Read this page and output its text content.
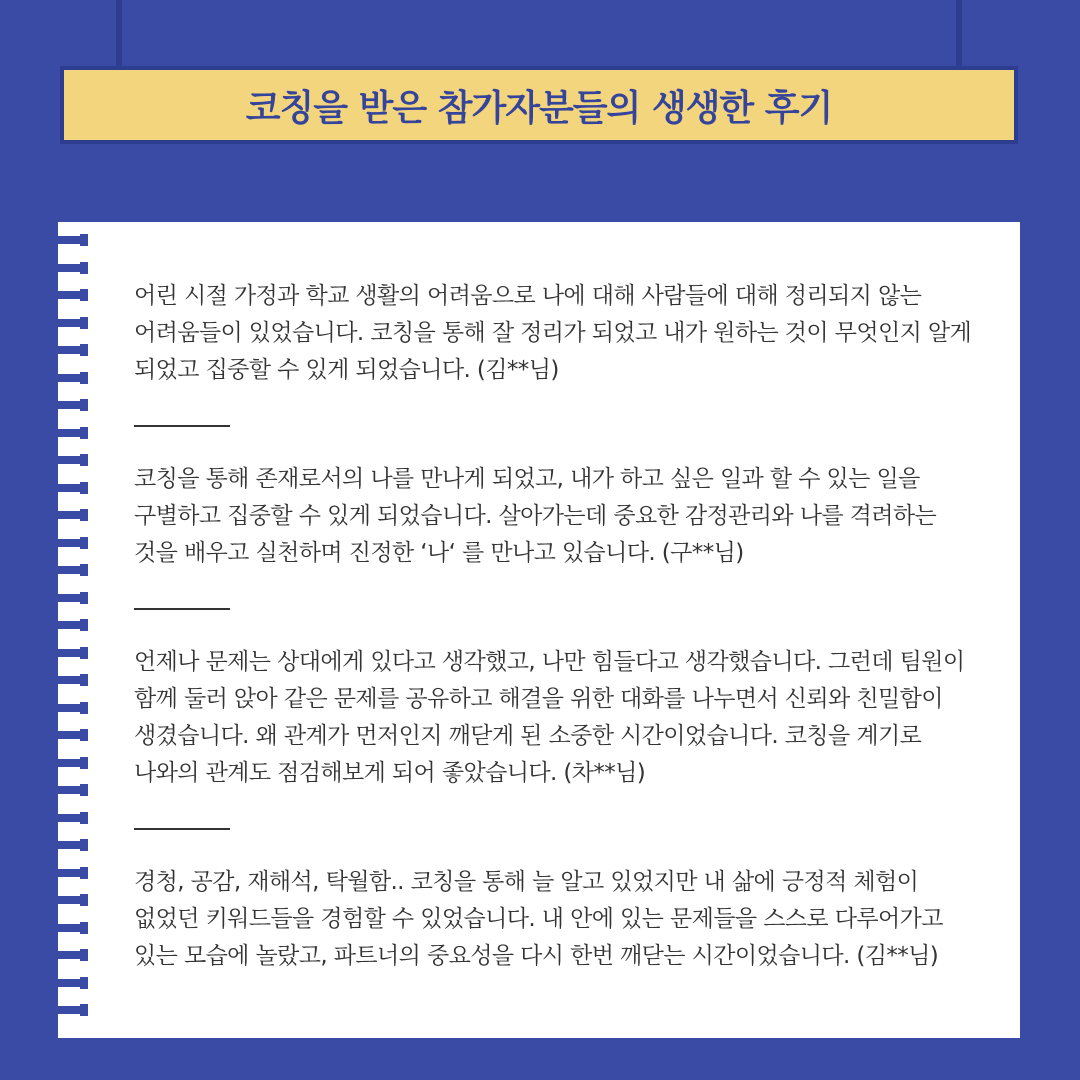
코칭을 받은 참가자분들의 생생한 후기

어린 시절 가정과 학교 생활의 어려움으로 나에 대해 사람들에 대해 정리되지 않는 어려움들이 있었습니다. 코칭을 통해 잘 정리가 되었고 내가 원하는 것이 무엇인지 알게 되었고 집중할 수 있게 되었습니다. (김**님)

코칭을 통해 존재로서의 나를 만나게 되었고, 내가 하고 싶은 일과 할 수 있는 일을 구별하고 집중할 수 있게 되었습니다. 살아가는데 중요한 감정관리와 나를 격려하는 것을 배우고 실천하며 진정한 ‘나‘ 를 만나고 있습니다. (구**님)

언제나 문제는 상대에게 있다고 생각했고, 나만 힘들다고 생각했습니다. 그런데 팀원이 함께 둘러 앉아 같은 문제를 공유하고 해결을 위한 대화를 나누면서 신뢰와 친밀함이 생겼습니다. 왜 관계가 먼저인지 깨닫게 된 소중한 시간이었습니다. 코칭을 계기로 나와의 관계도 점검해보게 되어 좋았습니다. (차**님)

경청, 공감, 재해석, 탁월함.. 코칭을 통해 늘 알고 있었지만 내 삶에 긍정적 체험이 없었던 키워드들을 경험할 수 있었습니다. 내 안에 있는 문제들을 스스로 다루어가고 있는 모습에 놀랐고, 파트너의 중요성을 다시 한번 깨닫는 시간이었습니다. (김**님)
